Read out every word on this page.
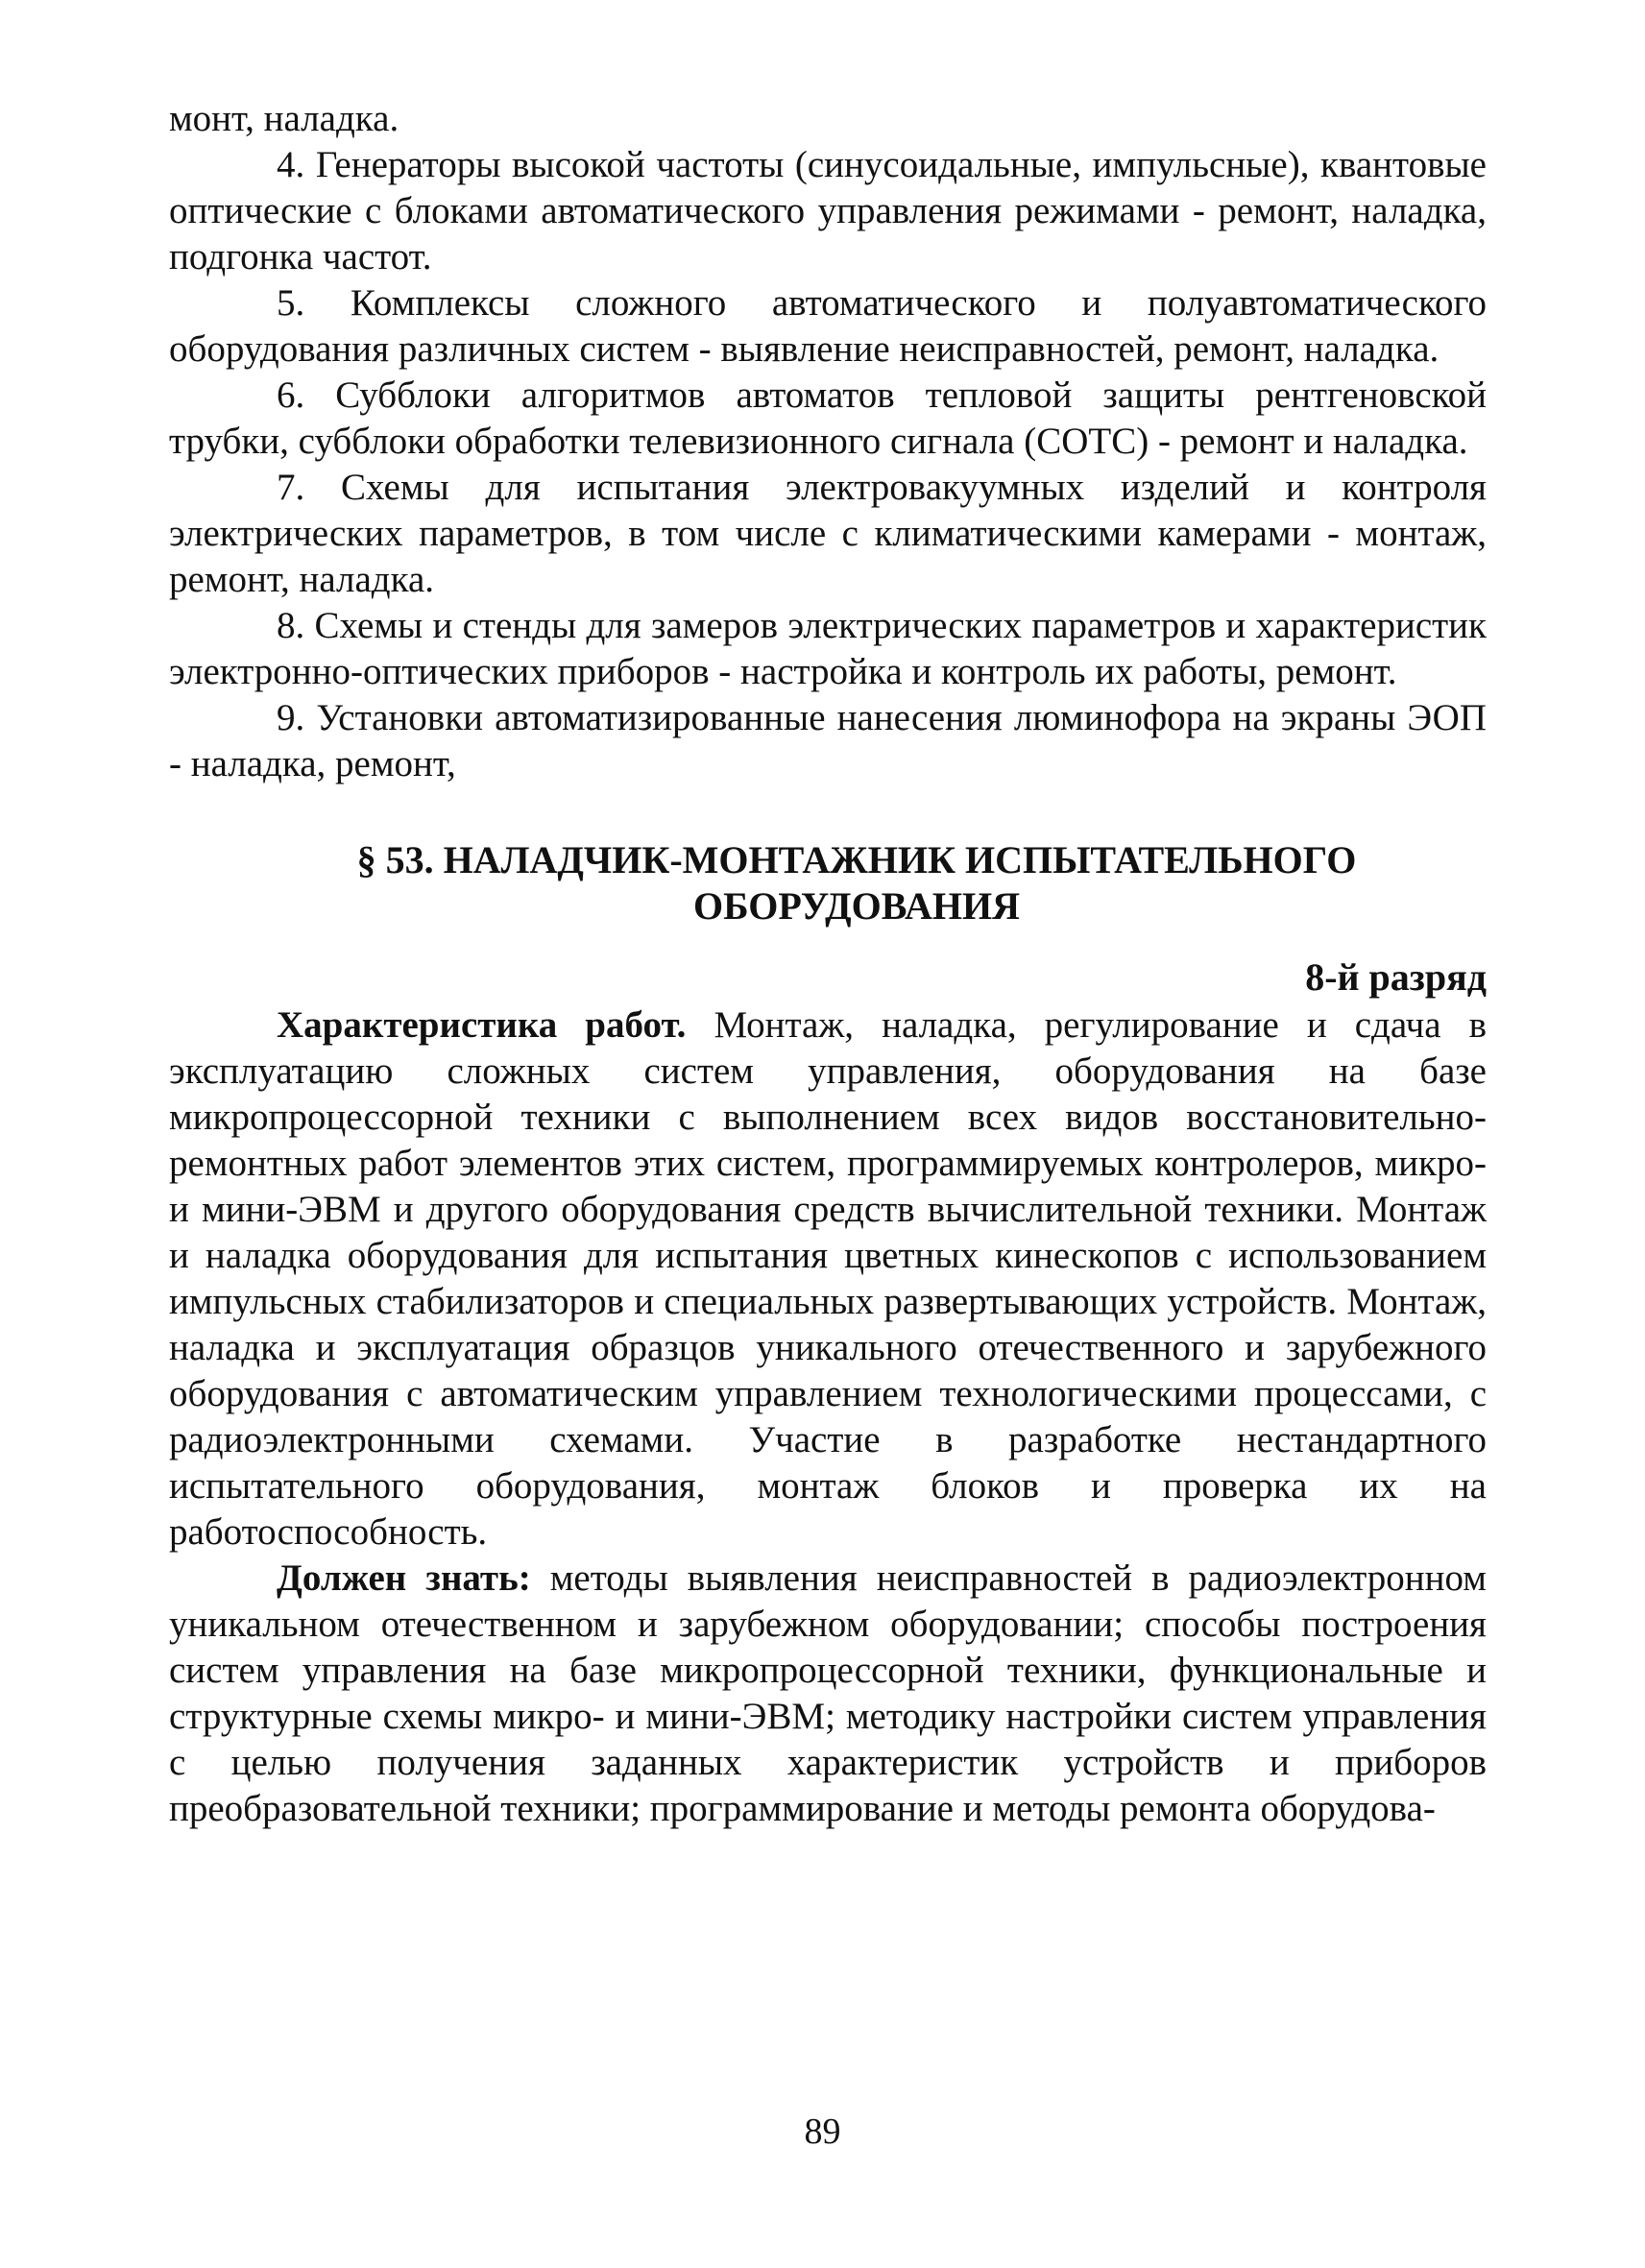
монт, наладка.

4. Генераторы высокой частоты (синусоидальные, импульсные), квантовые оптические с блоками автоматического управления режимами - ремонт, наладка, подгонка частот.

5. Комплексы сложного автоматического и полуавтоматического оборудования различных систем - выявление неисправностей, ремонт, наладка.

6. Субблоки алгоритмов автоматов тепловой защиты рентгеновской трубки, субблоки обработки телевизионного сигнала (СОТС) - ремонт и наладка.

7. Схемы для испытания электровакуумных изделий и контроля электрических параметров, в том числе с климатическими камерами - монтаж, ремонт, наладка.

8. Схемы и стенды для замеров электрических параметров и характеристик электронно-оптических приборов - настройка и контроль их работы, ремонт.

9. Установки автоматизированные нанесения люминофора на экраны ЭОП - наладка, ремонт,

§ 53. НАЛАДЧИК-МОНТАЖНИК ИСПЫТАТЕЛЬНОГО
ОБОРУДОВАНИЯ
8-й разряд

Характеристика работ. Монтаж, наладка, регулирование и сдача в эксплуатацию сложных систем управления, оборудования на базе микропроцессорной техники с выполнением всех видов восстановительно-ремонтных работ элементов этих систем, программируемых контролеров, микро- и мини-ЭВМ и другого оборудования средств вычислительной техники. Монтаж и наладка оборудования для испытания цветных кинескопов с использованием импульсных стабилизаторов и специальных развертывающих устройств. Монтаж, наладка и эксплуатация образцов уникального отечественного и зарубежного оборудования с автоматическим управлением технологическими процессами, с радиоэлектронными схемами. Участие в разработке нестандартного испытательного оборудования, монтаж блоков и проверка их на работоспособность.

Должен знать: методы выявления неисправностей в радиоэлектронном уникальном отечественном и зарубежном оборудовании; способы построения систем управления на базе микропроцессорной техники, функциональные и структурные схемы микро- и мини-ЭВМ; методику настройки систем управления с целью получения заданных характеристик устройств и приборов преобразовательной техники; программирование и методы ремонта оборудова-

89
